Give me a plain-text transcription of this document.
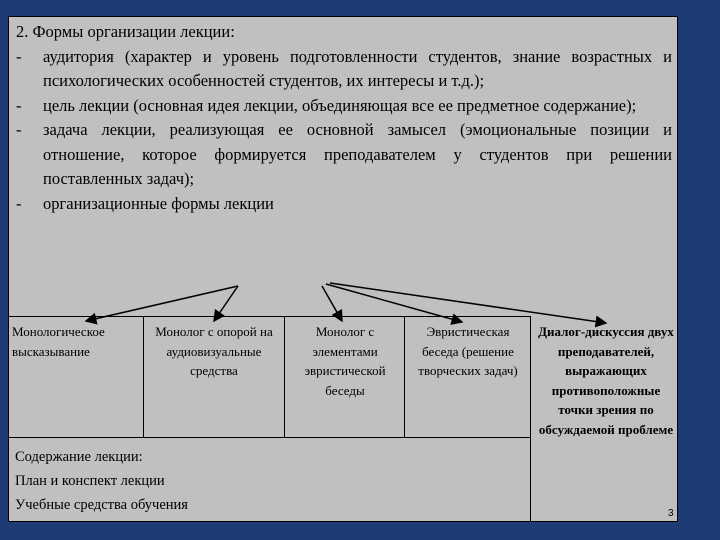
2. Формы организации лекции:
- аудитория (характер и уровень подготовленности студентов, знание возрастных и психологических особенностей студентов, их интересы и т.д.);
- цель лекции (основная идея лекции, объединяющая все ее предметное содержание);
- задача лекции, реализующая ее основной замысел (эмоциональные позиции и отношение, которое формируется преподавателем у студентов при решении поставленных задач);
- организационные формы лекции
Монологическое высказывание
Монолог с опорой на аудиовизуальные средства
Монолог с элементами эвристической беседы
Эвристическая беседа (решение творческих задач)
Диалог-дискуссия двух преподавателей, выражающих противоположные точки зрения по обсуждаемой проблеме
Содержание лекции:
План и конспект лекции
Учебные средства обучения
3
